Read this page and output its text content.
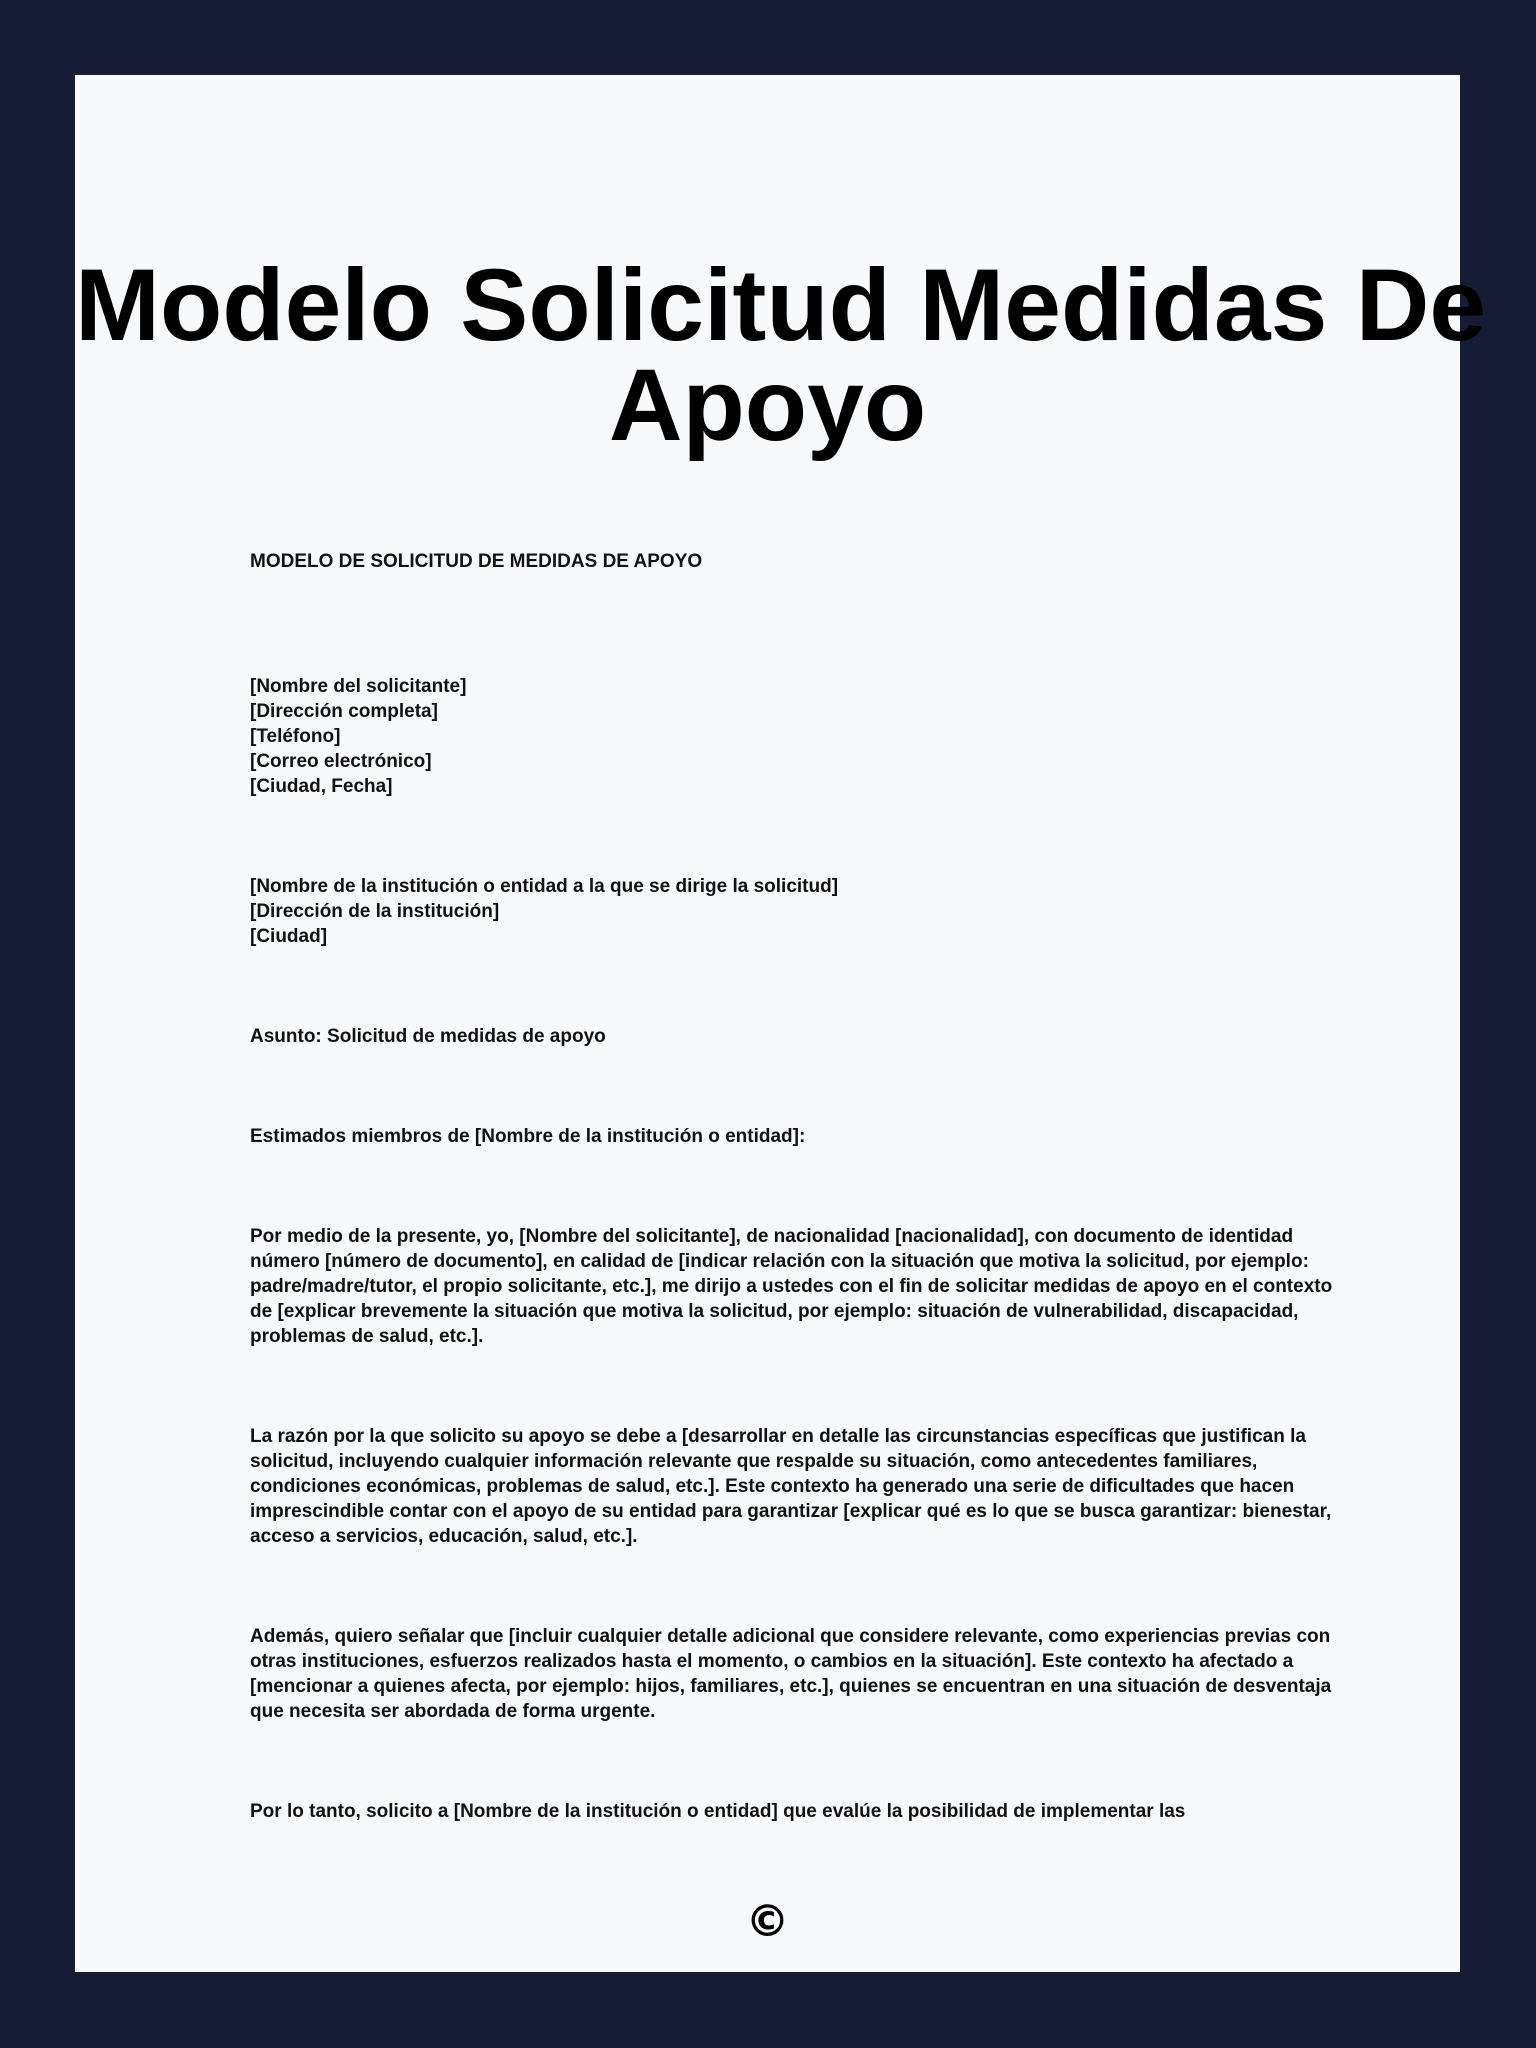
Modelo Solicitud Medidas De
Apoyo

MODELO DE SOLICITUD DE MEDIDAS DE APOYO

[Nombre del solicitante]

[Dirección completa]

[Teléfono]

[Correo electrónico]

[Ciudad, Fecha]

[Nombre de la institución o entidad a la que se dirige la solicitud]

[Dirección de la institución]

[Ciudad]

Asunto: Solicitud de medidas de apoyo

Estimados miembros de [Nombre de la institución o entidad]:

Por medio de la presente, yo, [Nombre del solicitante], de nacionalidad [nacionalidad], con documento de identidad número [número de documento], en calidad de [indicar relación con la situación que motiva la solicitud, por ejemplo: padre/madre/tutor, el propio solicitante, etc.], me dirijo a ustedes con el fin de solicitar medidas de apoyo en el contexto de [explicar brevemente la situación que motiva la solicitud, por ejemplo: situación de vulnerabilidad, discapacidad, problemas de salud, etc.].

La razón por la que solicito su apoyo se debe a [desarrollar en detalle las circunstancias específicas que justifican la solicitud, incluyendo cualquier información relevante que respalde su situación, como antecedentes familiares, condiciones económicas, problemas de salud, etc.]. Este contexto ha generado una serie de dificultades que hacen imprescindible contar con el apoyo de su entidad para garantizar [explicar qué es lo que se busca garantizar: bienestar, acceso a servicios, educación, salud, etc.].

Además, quiero señalar que [incluir cualquier detalle adicional que considere relevante, como experiencias previas con otras instituciones, esfuerzos realizados hasta el momento, o cambios en la situación]. Este contexto ha afectado a [mencionar a quienes afecta, por ejemplo: hijos, familiares, etc.], quienes se encuentran en una situación de desventaja que necesita ser abordada de forma urgente.

Por lo tanto, solicito a [Nombre de la institución o entidad] que evalúe la posibilidad de implementar las

©
